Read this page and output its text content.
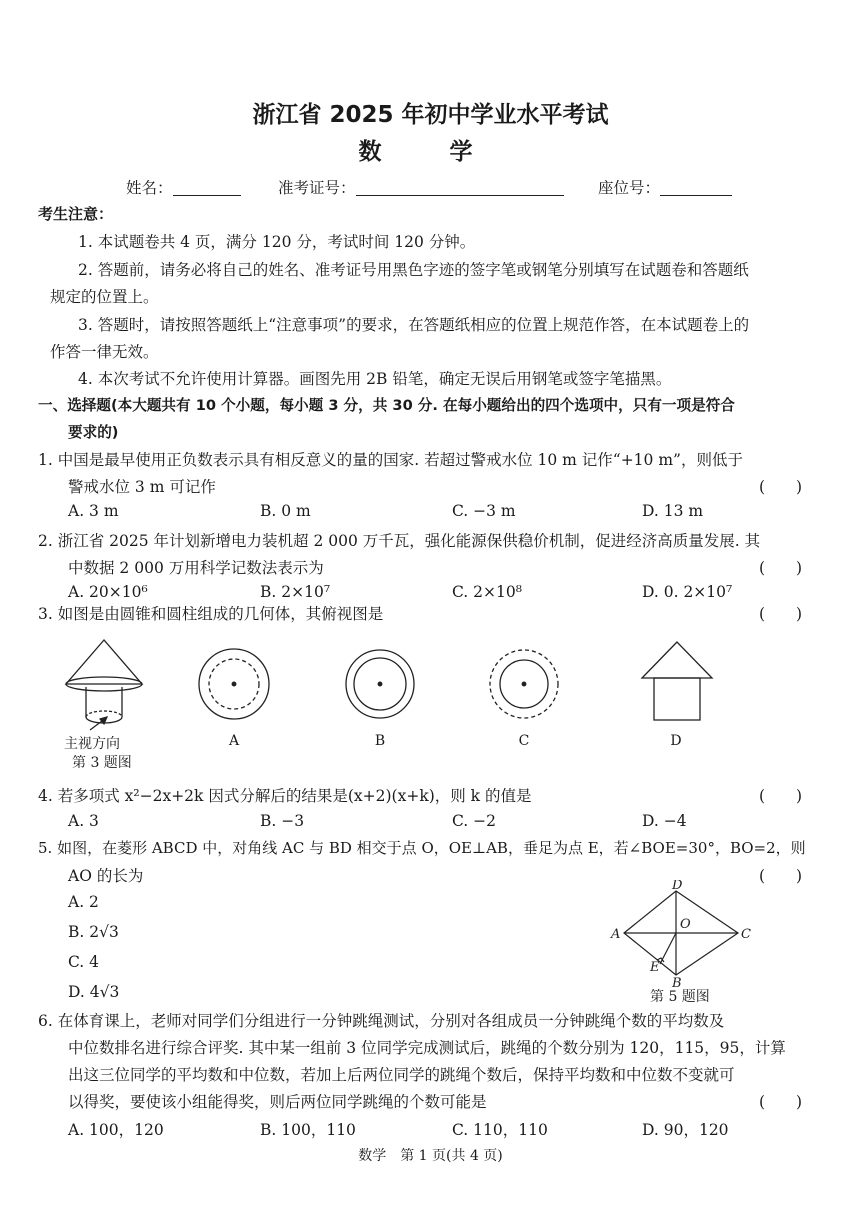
浙江省 2025 年初中学业水平考试
数 学
姓名：	准考证号：	座位号：
考生注意：
1. 本试题卷共 4 页，满分 120 分，考试时间 120 分钟。
2. 答题前，请务必将自己的姓名、准考证号用黑色字迹的签字笔或钢笔分别填写在试题卷和答题纸
规定的位置上。
3. 答题时，请按照答题纸上“注意事项”的要求，在答题纸相应的位置上规范作答，在本试题卷上的
作答一律无效。
4. 本次考试不允许使用计算器。画图先用 2B 铅笔，确定无误后用钢笔或签字笔描黑。
一、选择题(本大题共有 10 个小题，每小题 3 分，共 30 分. 在每小题给出的四个选项中，只有一项是符合
要求的)
1. 中国是最早使用正负数表示具有相反意义的量的国家. 若超过警戒水位 10 m 记作“+10 m”，则低于
警戒水位 3 m 可记作	(　　)
A. 3 m	B. 0 m	C. −3 m	D. 13 m
2. 浙江省 2025 年计划新增电力装机超 2 000 万千瓦，强化能源保供稳价机制，促进经济高质量发展. 其
中数据 2 000 万用科学记数法表示为	(　　)
A. 20×10⁶	B. 2×10⁷	C. 2×10⁸	D. 0. 2×10⁷
3. 如图是由圆锥和圆柱组成的几何体，其俯视图是	(　　)
主视方向
第 3 题图
A	B	C	D
4. 若多项式 x²−2x+2k 因式分解后的结果是(x+2)(x+k)，则 k 的值是	(　　)
A. 3	B. −3	C. −2	D. −4
5. 如图，在菱形 ABCD 中，对角线 AC 与 BD 相交于点 O，OE⊥AB，垂足为点 E，若∠BOE=30°，BO=2，则
AO 的长为	(　　)
A. 2
B. 2√3
C. 4
D. 4√3
A
B
C
D
O
E
第 5 题图
6. 在体育课上，老师对同学们分组进行一分钟跳绳测试，分别对各组成员一分钟跳绳个数的平均数及
中位数排名进行综合评奖. 其中某一组前 3 位同学完成测试后，跳绳的个数分别为 120，115，95，计算
出这三位同学的平均数和中位数，若加上后两位同学的跳绳个数后，保持平均数和中位数不变就可
以得奖，要使该小组能得奖，则后两位同学跳绳的个数可能是	(　　)
A. 100，120	B. 100，110	C. 110，110	D. 90，120
数学　第 1 页(共 4 页)
